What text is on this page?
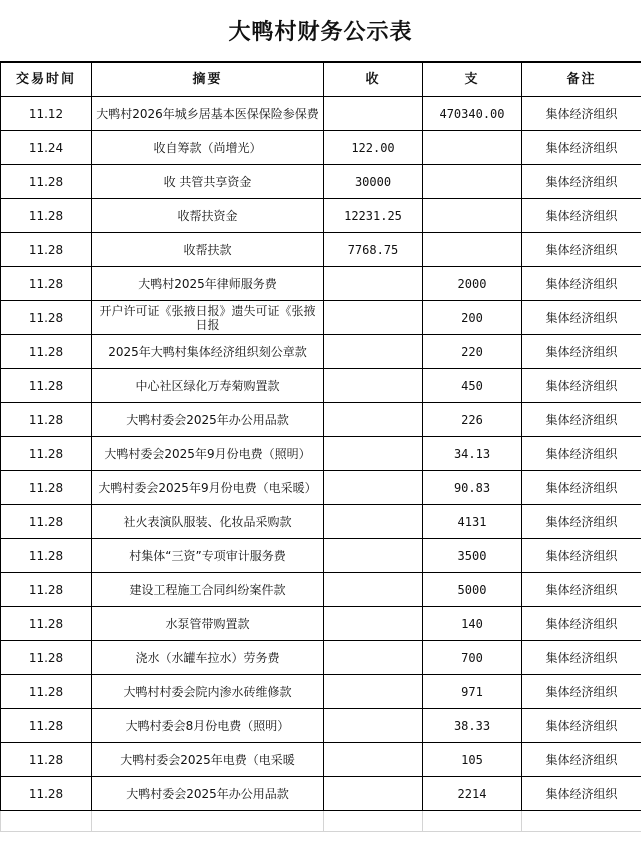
大鸭村财务公示表
交易时间	摘要	收	支	备注
11.12	大鸭村2026年城乡居基本医保保险参保费		470340.00	集体经济组织
11.24	收自筹款（尚增光）	122.00		集体经济组织
11.28	收 共管共享资金	30000		集体经济组织
11.28	收帮扶资金	12231.25		集体经济组织
11.28	收帮扶款	7768.75		集体经济组织
11.28	大鸭村2025年律师服务费		2000	集体经济组织
11.28	开户许可证《张掖日报》遗失可证《张掖日报		200	集体经济组织
11.28	2025年大鸭村集体经济组织刻公章款		220	集体经济组织
11.28	中心社区绿化万寿菊购置款		450	集体经济组织
11.28	大鸭村委会2025年办公用品款		226	集体经济组织
11.28	大鸭村委会2025年9月份电费（照明）		34.13	集体经济组织
11.28	大鸭村委会2025年9月份电费（电采暖）		90.83	集体经济组织
11.28	社火表演队服装、化妆品采购款		4131	集体经济组织
11.28	村集体“三资”专项审计服务费		3500	集体经济组织
11.28	建设工程施工合同纠纷案件款		5000	集体经济组织
11.28	水泵管带购置款		140	集体经济组织
11.28	浇水（水罐车拉水）劳务费		700	集体经济组织
11.28	大鸭村村委会院内渗水砖维修款		971	集体经济组织
11.28	大鸭村委会8月份电费（照明）		38.33	集体经济组织
11.28	大鸭村委会2025年电费（电采暖		105	集体经济组织
11.28	大鸭村委会2025年办公用品款		2214	集体经济组织
